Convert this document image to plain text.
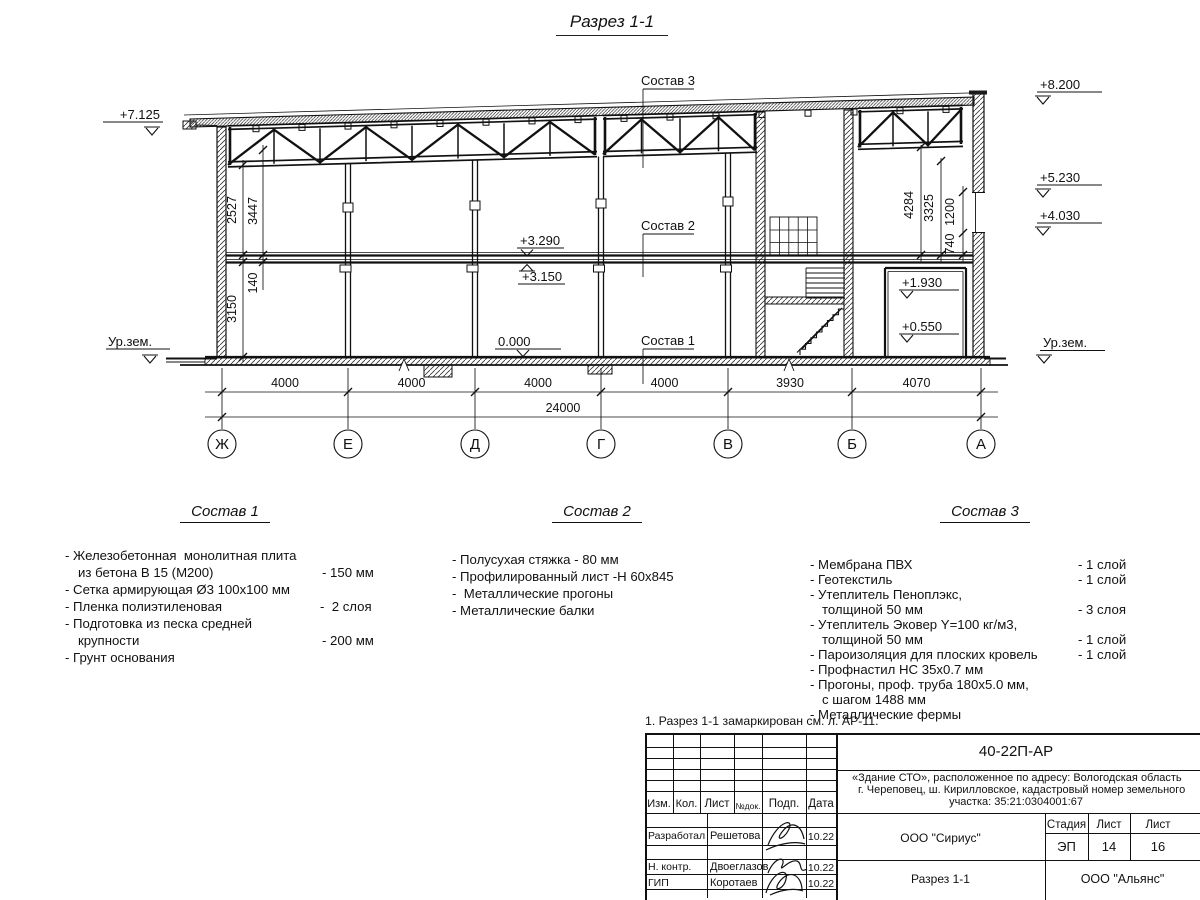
Разрез 1-1
Ж	Е	Д	Г	В	Б	А
+7.125
Ур.зем.
+8.200
+5.230
+4.030
Ур.зем.
+3.290
+3.150
0.000
+1.930
+0.550
Состав 3
Состав 2
Состав 1
2527 3447
140
3150
4284 3325 1200
740
4000	4000	4000	4000	3930	4070
24000
Состав 1
- Железобетонная  монолитная плита
из бетона В 15 (М200)	- 150 мм
- Сетка армирующая Ø3 100х100 мм
- Пленка полиэтиленовая	-  2 слоя
- Подготовка из песка средней
крупности	- 200 мм
- Грунт основания
Состав 2
- Полусухая стяжка - 80 мм
- Профилированный лист -Н 60х845
-  Металлические прогоны
- Металлические балки
Состав 3
- Мембрана ПВХ	- 1 слой
- Геотекстиль	- 1 слой
- Утеплитель Пеноплэкс,
толщиной 50 мм	- 3 слоя
- Утеплитель Эковер Y=100 кг/м3,
толщиной 50 мм	- 1 слой
- Пароизоляция для плоских кровель	- 1 слой
- Профнастил НС 35х0.7 мм
- Прогоны, проф. труба 180х5.0 мм,
с шагом 1488 мм
- Металлические фермы
1. Разрез 1-1 замаркирован см. л. АР-11.
Изм. Кол. Лист №док. Подп. Дата
Разработал Решетова	10.22
Н. контр. Двоеглазов	10.22
ГИП	Коротаев	10.22
40-22П-АР
«Здание СТО», расположенное по адресу: Вологодская область
г. Череповец, ш. Кирилловское, кадастровый номер земельного
участка: 35:21:0304001:67
Стадия Лист	Лист
ЭП	14	16
ООО "Сириус"
Разрез 1-1	ООО "Альянс"
